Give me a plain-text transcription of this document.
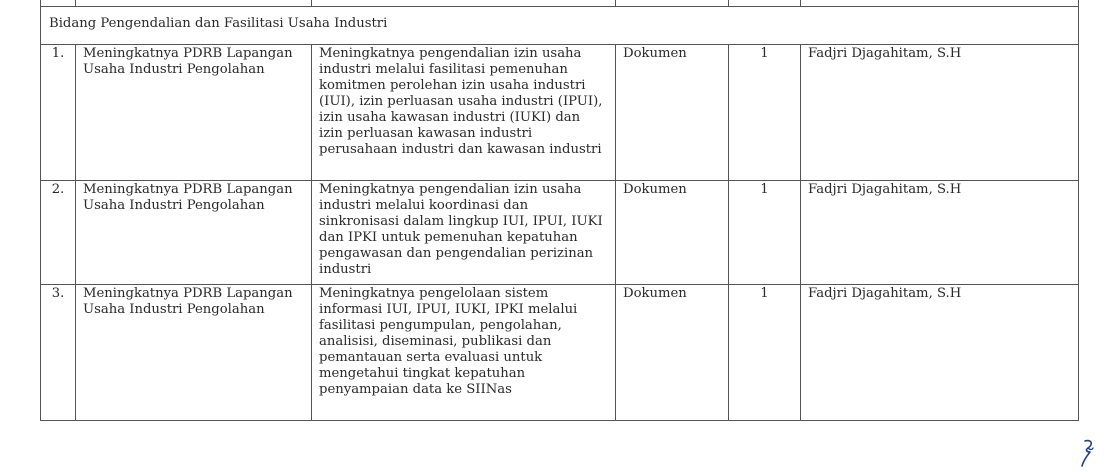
Bidang Pengendalian dan Fasilitasi Usaha Industri					
1.	Meningkatnya PDRB Lapangan Usaha Industri Pengolahan	Meningkatnya pengendalian izin usaha industri melalui fasilitasi pemenuhan komitmen perolehan izin usaha industri (IUI), izin perluasan usaha industri (IPUI), izin usaha kawasan industri (IUKI) dan izin perluasan kawasan industri perusahaan industri dan kawasan industri	Dokumen	1	Fadjri Djagahitam, S.H
2.	Meningkatnya PDRB Lapangan Usaha Industri Pengolahan	Meningkatnya pengendalian izin usaha industri melalui koordinasi dan sinkronisasi dalam lingkup IUI, IPUI, IUKI dan IPKI untuk pemenuhan kepatuhan pengawasan dan pengendalian perizinan industri	Dokumen	1	Fadjri Djagahitam, S.H
3.	Meningkatnya PDRB Lapangan Usaha Industri Pengolahan	Meningkatnya pengelolaan sistem informasi IUI, IPUI, IUKI, IPKI melalui fasilitasi pengumpulan, pengolahan, analisisi, diseminasi, publikasi dan pemantauan serta evaluasi untuk mengetahui tingkat kepatuhan penyampaian data ke SIINas	Dokumen	1	Fadjri Djagahitam, S.H
